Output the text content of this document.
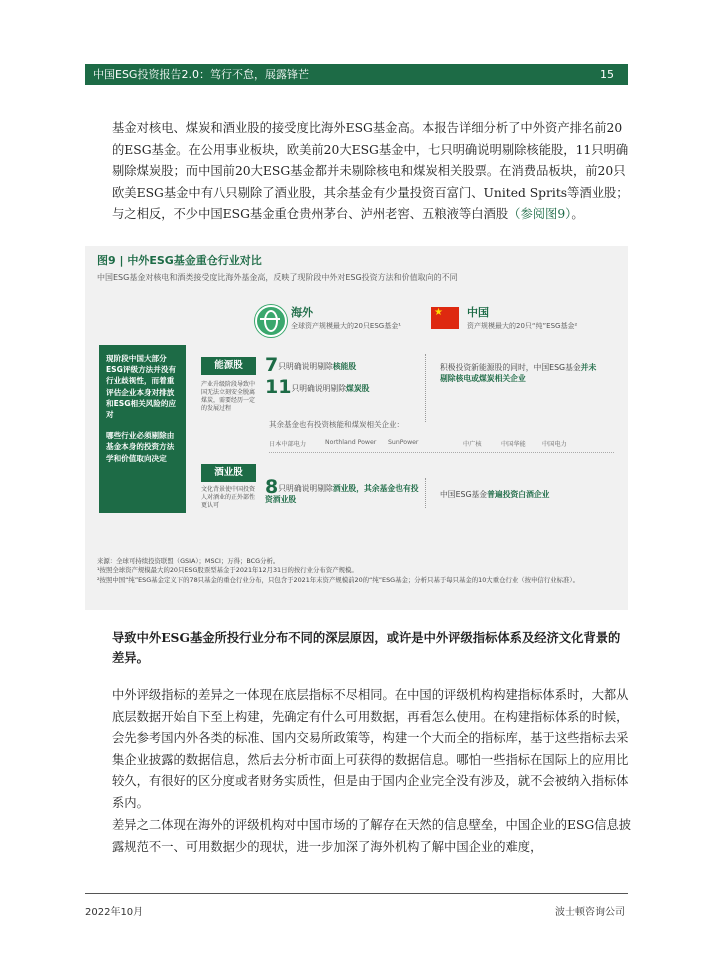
中国ESG投资报告2.0：笃行不怠，展露锋芒	15

基金对核电、煤炭和酒业股的接受度比海外ESG基金高。本报告详细分析了中外资产排名前20的ESG基金。在公用事业板块，欧美前20大ESG基金中，七只明确说明剔除核能股，11只明确剔除煤炭股；而中国前20大ESG基金都并未剔除核电和煤炭相关股票。在消费品板块，前20只欧美ESG基金中有八只剔除了酒业股，其余基金有少量投资百富门、United Sprits等酒业股；与之相反，不少中国ESG基金重仓贵州茅台、泸州老窖、五粮液等白酒股（参阅图9）。

图9 | 中外ESG基金重仓行业对比
中国ESG基金对核电和酒类接受度比海外基金高，反映了现阶段中外对ESG投资方法和价值取向的不同
海外
全球资产规模最大的20只ESG基金¹
★
中国
资产规模最大的20只“纯”ESG基金²

现阶段中国大部分ESG评级方法并没有行业歧视性，而着重评估企业本身对排放和ESG相关风险的应对

哪些行业必须剔除由基金本身的投资方法学和价值取向决定

能源股
产业升级阶段导致中国无法立刻安全脱离煤炭，需要经历一定的发展过程
7只明确说明剔除核能股
11只明确说明剔除煤炭股
积极投资新能源股的同时，中国ESG基金并未剔除核电或煤炭相关企业
其余基金也有投资核能和煤炭相关企业：
日本中部电力	Northland Power SunPower	中广核	中国华能	中国电力
酒业股
文化背景使中国投资人对酒业的正外部性更认可
8只明确说明剔除酒业股，其余基金也有投资酒业股
中国ESG基金普遍投资白酒企业

来源：全球可持续投资联盟（GSIA）；MSCI；万得；BCG分析。

¹按照全球资产规模最大的20只ESG股票型基金于2021年12月31日的按行业分布资产规模。

²按照中国“纯”ESG基金定义下的78只基金的重仓行业分布，只包含于2021年末资产规模前20的“纯”ESG基金；分析只基于每只基金的10大重仓行业（按申信行业标准）。

导致中外ESG基金所投行业分布不同的深层原因，或许是中外评级指标体系及经济文化背景的差异。

中外评级指标的差异之一体现在底层指标不尽相同。在中国的评级机构构建指标体系时，大都从底层数据开始自下至上构建，先确定有什么可用数据，再看怎么使用。在构建指标体系的时候，会先参考国内外各类的标准、国内交易所政策等，构建一个大而全的指标库，基于这些指标去采集企业披露的数据信息，然后去分析市面上可获得的数据信息。哪怕一些指标在国际上的应用比较久，有很好的区分度或者财务实质性，但是由于国内企业完全没有涉及，就不会被纳入指标体系内。

差异之二体现在海外的评级机构对中国市场的了解存在天然的信息壁垒，中国企业的ESG信息披露规范不一、可用数据少的现状，进一步加深了海外机构了解中国企业的难度，

2022年10月	波士顿咨询公司
